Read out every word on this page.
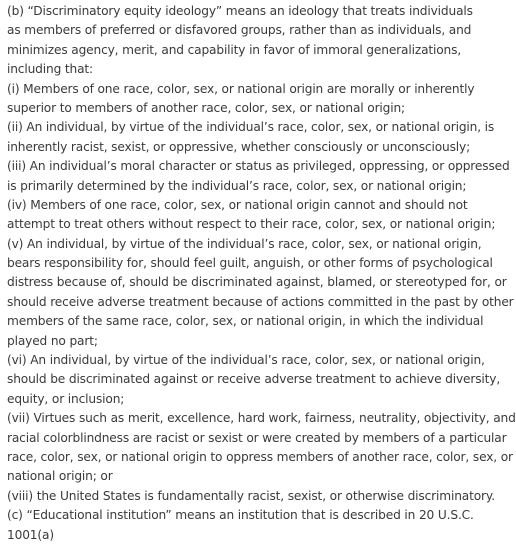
(b) “Discriminatory equity ideology” means an ideology that treats individuals
as members of preferred or disfavored groups, rather than as individuals, and
minimizes agency, merit, and capability in favor of immoral generalizations,
including that:
(i) Members of one race, color, sex, or national origin are morally or inherently
superior to members of another race, color, sex, or national origin;
(ii) An individual, by virtue of the individual’s race, color, sex, or national origin, is
inherently racist, sexist, or oppressive, whether consciously or unconsciously;
(iii) An individual’s moral character or status as privileged, oppressing, or oppressed
is primarily determined by the individual’s race, color, sex, or national origin;
(iv) Members of one race, color, sex, or national origin cannot and should not
attempt to treat others without respect to their race, color, sex, or national origin;
(v) An individual, by virtue of the individual’s race, color, sex, or national origin,
bears responsibility for, should feel guilt, anguish, or other forms of psychological
distress because of, should be discriminated against, blamed, or stereotyped for, or
should receive adverse treatment because of actions committed in the past by other
members of the same race, color, sex, or national origin, in which the individual
played no part;
(vi) An individual, by virtue of the individual’s race, color, sex, or national origin,
should be discriminated against or receive adverse treatment to achieve diversity,
equity, or inclusion;
(vii) Virtues such as merit, excellence, hard work, fairness, neutrality, objectivity, and
racial colorblindness are racist or sexist or were created by members of a particular
race, color, sex, or national origin to oppress members of another race, color, sex, or
national origin; or
(viii) the United States is fundamentally racist, sexist, or otherwise discriminatory.
(c) “Educational institution” means an institution that is described in 20 U.S.C. 1001(a)
